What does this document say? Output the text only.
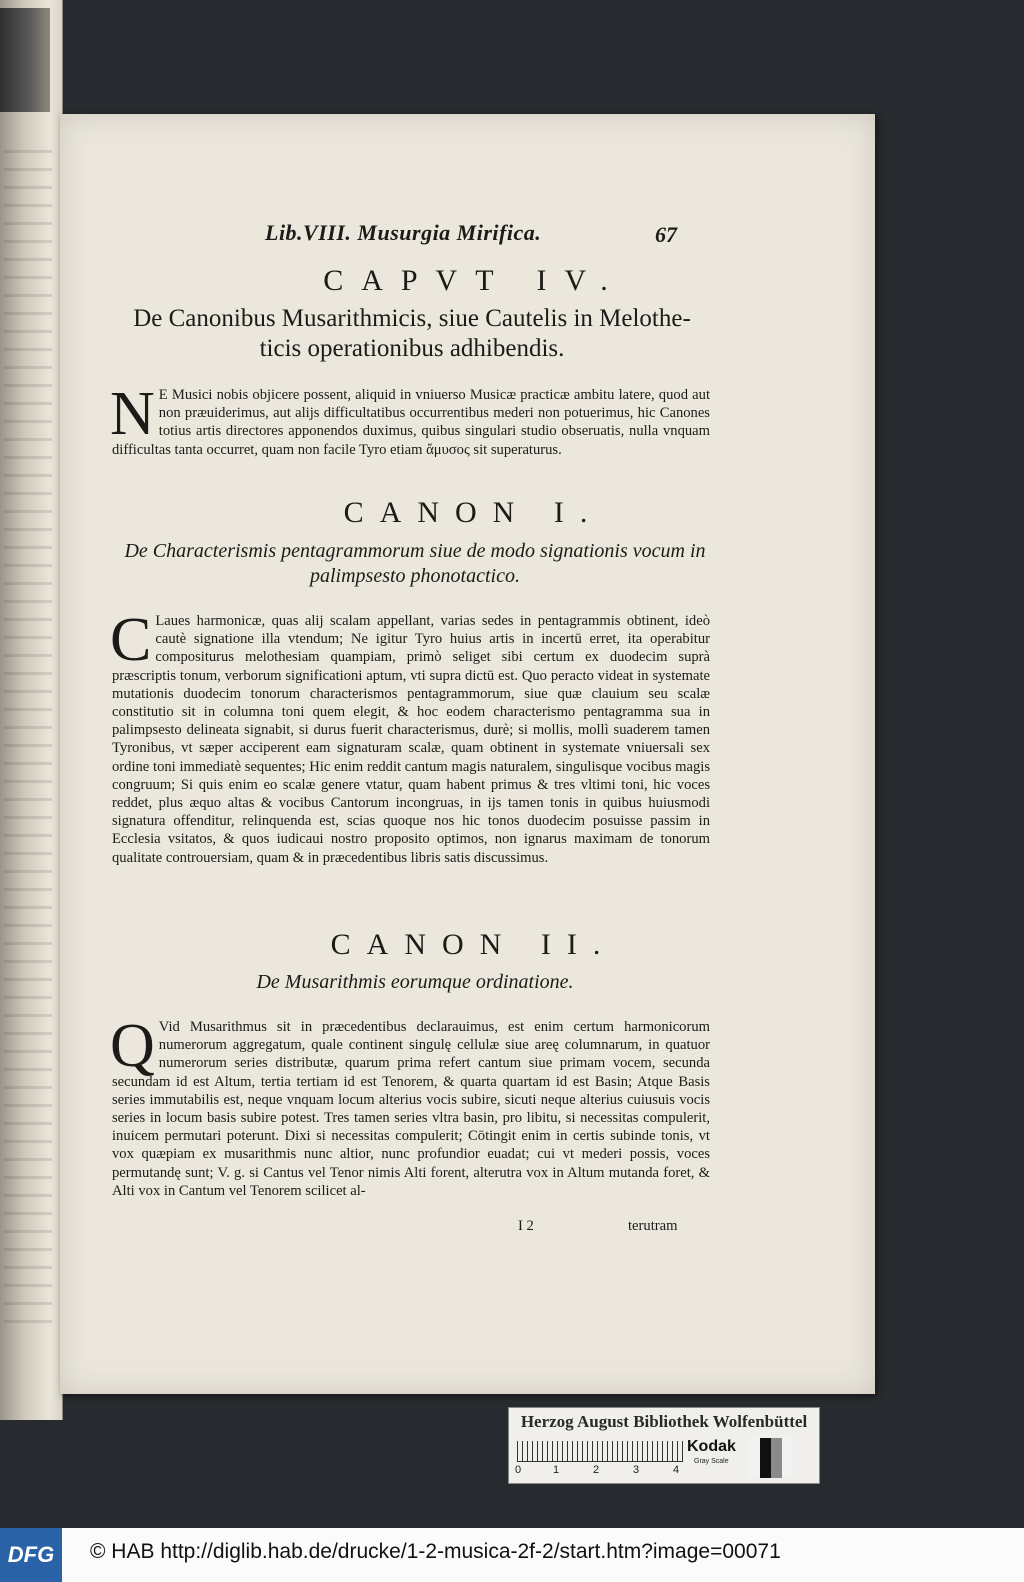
Lib.VIII. Musurgia Mirifica.	67
CAPVT IV.
De Canonibus Musarithmicis, siue Cautelis in Melothe- ticis operationibus adhibendis.
N E Musici nobis objicere possent, aliquid in vniuerso Musicæ practicæ ambitu latere, quod aut non præuiderimus, aut alijs difficultatibus occurrentibus mederi non potuerimus, hic Canones totius artis directores apponendos duximus, quibus singulari studio obseruatis, nulla vnquam difficultas tanta occurret, quam non facile Tyro etiam ἄμυσος sit superaturus.
CANON I.
De Characterismis pentagrammorum siue de modo signationis vocum in palimpsesto phonotactico.
C Laues harmonicæ, quas alij scalam appellant, varias sedes in pentagrammis obtinent, ideò cautè signatione illa vtendum; Ne igitur Tyro huius artis in incertū erret, ita operabitur compositurus melothesiam quampiam, primò seliget sibi certum ex duodecim suprà præscriptis tonum, verborum significationi aptum, vti supra dictū est. Quo peracto videat in systemate mutationis duodecim tonorum characterismos pentagrammorum, siue quæ clauium seu scalæ constitutio sit in columna toni quem elegit, & hoc eodem characterismo pentagramma sua in palimpsesto delineata signabit, si durus fuerit characterismus, durè; si mollis, mollì suaderem tamen Tyronibus, vt sæper acciperent eam signaturam scalæ, quam obtinent in systemate vniuersali sex ordine toni immediatè sequentes; Hic enim reddit cantum magis naturalem, singulisque vocibus magis congruum; Si quis enim eo scalæ genere vtatur, quam habent primus & tres vltimi toni, hic voces reddet, plus æquo altas & vocibus Cantorum incongruas, in ijs tamen tonis in quibus huiusmodi signatura offenditur, relinquenda est, scias quoque nos hic tonos duodecim posuisse passim in Ecclesia vsitatos, & quos iudicaui nostro proposito optimos, non ignarus maximam de tonorum qualitate controuersiam, quam & in præcedentibus libris satis discussimus.
CANON II.
De Musarithmis eorumque ordinatione.
Q Vid Musarithmus sit in præcedentibus declarauimus, est enim certum harmonicorum numerorum aggregatum, quale continent singulę cellulæ siue areę columnarum, in quatuor numerorum series distributæ, quarum prima refert cantum siue primam vocem, secunda secundam id est Altum, tertia tertiam id est Tenorem, & quarta quartam id est Basin; Atque Basis series immutabilis est, neque vnquam locum alterius vocis subire, sicuti neque alterius cuiusuis vocis series in locum basis subire potest. Tres tamen series vltra basin, pro libitu, si necessitas compulerit, inuicem permutari poterunt. Dixi si necessitas compulerit; Cōtingit enim in certis subinde tonis, vt vox quæpiam ex musarithmis nunc altior, nunc profundior euadat; cui vt mederi possis, voces permutandę sunt; V. g. si Cantus vel Tenor nimis Alti forent, alterutra vox in Altum mutanda foret, & Alti vox in Cantum vel Tenorem scilicet al-
I 2	terutram
Herzog August Bibliothek Wolfenbüttel
0	1	2	3	4
Kodak
Gray Scale
DFG	© HAB http://diglib.hab.de/drucke/1-2-musica-2f-2/start.htm?image=00071
